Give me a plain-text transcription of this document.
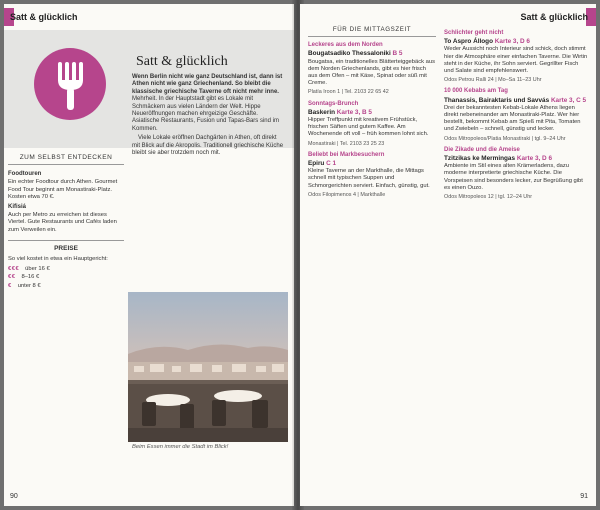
Satt & glücklich
Satt & glücklich

Wenn Berlin nicht wie ganz Deutschland ist, dann ist Athen nicht wie ganz Griechenland. So bleibt die klassische griechische Taverne oft nicht mehr inne. Mehrheit. In der Hauptstadt gibt es Lokale mit Schmäckern aus vielen Ländern der Welt. Hippe Neueröffnungen machen ehrgeizige Geschäfte. Asiatische Restaurants, Fusion und Tapas-Bars sind im Kommen.

Viele Lokale eröffnen Dachgärten in Athen, oft direkt mit Blick auf die Akropolis. Traditionell griechische Küche bleibt sie aber trotzdem noch mit.

ZUM SELBST ENTDECKEN
Foodtouren

Ein echter Foodtour durch Athen. Gourmet Food Tour beginnt am Monastiraki-Platz. Kosten etwa 70 €.

Kifisiá

Auch per Metro zu erreichen ist dieses Viertel. Gute Restaurants und Cafés laden zum Verweilen ein.

PREISE

So viel kostet in etwa ein Hauptgericht:

€€€ über 16 €
€€ 8–16 €
€ unter 8 €
Beim Essen immer die Stadt im Blick!
90
Satt & glücklich
FÜR DIE MITTAGSZEIT
Leckeres aus dem Norden
Bougatsadiko Thessaloniki B 5

Bougatsa, ein traditionelles Blätterteiggebäck aus dem Norden Griechenlands, gibt es hier frisch aus dem Ofen – mit Käse, Spinat oder süß mit Creme.

Platía Iroon 1 | Tel. 2103 22 65 42
Sonntags-Brunch
Baskerin Karte 3, B 5

Hipper Treffpunkt mit kreativem Frühstück, frischen Säften und gutem Kaffee. Am Wochenende oft voll – früh kommen lohnt sich.

Monastiraki | Tel. 2103 23 25 23
Beliebt bei Markbesuchern
Epiru C 1

Kleine Taverne an der Markthalle, die Mittags schnell mit typischen Suppen und Schmorgerichten serviert. Einfach, günstig, gut.

Odos Filopimenos 4 | Markthalle
Schlichter geht nicht
To Aspro Állogo Karte 3, D 6

Weder Aussicht noch Interieur sind schick, doch stimmt hier die Atmosphäre einer einfachen Taverne. Die Wirtin steht in der Küche, ihr Sohn serviert. Gegrillter Fisch und Salate sind empfehlenswert.

Odos Petrou Ralli 24 | Mo–Sa 11–23 Uhr
10 000 Kebabs am Tag
Thanassis, Bairaktaris und Savvás Karte 3, C 5

Drei der bekanntesten Kebab-Lokale Athens liegen direkt nebeneinander am Monastiraki-Platz. Wer hier bestellt, bekommt Kebab am Spieß mit Pita, Tomaten und Zwiebeln – schnell, günstig und lecker.

Odos Mitropoleos/Platia Monastiraki | tgl. 9–24 Uhr
Die Zikade und die Ameise
Tzitzikas ke Mermingas Karte 3, D 6

Ambiente im Stil eines alten Krämerladens, dazu moderne interpretierte griechische Küche. Die Vorspeisen sind besonders lecker, zur Begrüßung gibt es einen Ouzo.

Odos Mitropoleos 12 | tgl. 12–24 Uhr
91
